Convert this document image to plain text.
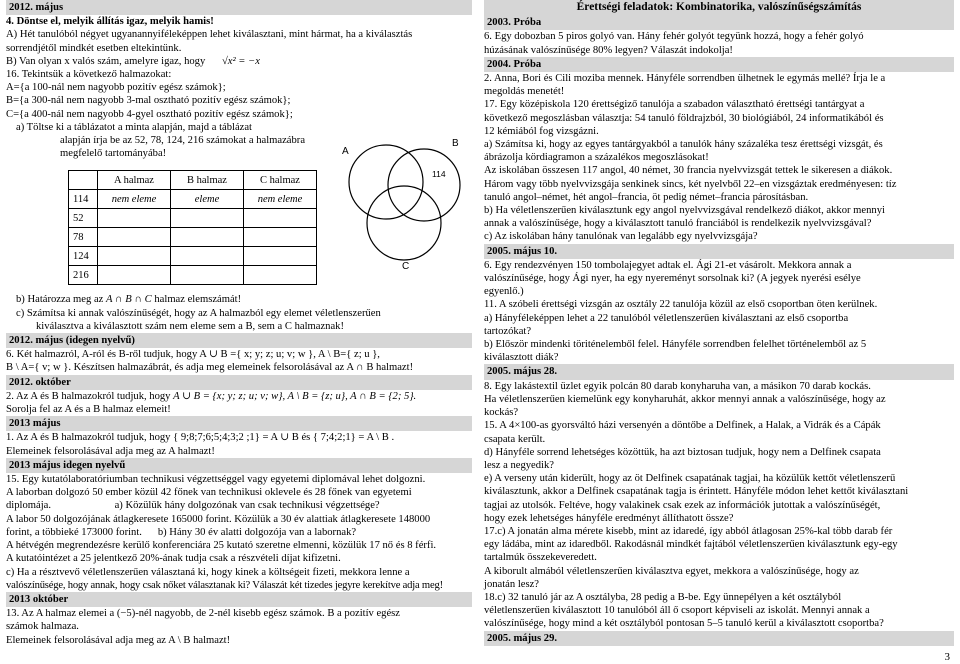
2012. május

4. Döntse el, melyik állítás igaz, melyik hamis!

A) Hét tanulóból négyet ugyanannyiféleképpen lehet kiválasztani, mint hármat, ha a kiválasztás

sorrendjétől mindkét esetben eltekintünk.

B) Van olyan x valós szám, amelyre igaz, hogy √x² = −x

16. Tekintsük a következő halmazokat:

A={a 100-nál nem nagyobb pozitív egész számok};

B={a 300-nál nem nagyobb 3-mal osztható pozitív egész számok};

C={a 400-nál nem nagyobb 4-gyel osztható pozitív egész számok};

a) Töltse ki a táblázatot a minta alapján, majd a táblázat

alapján írja be az 52, 78, 124, 216 számokat a halmazábra

megfelelő tartományába!

	A halmaz	B halmaz	C halmaz
114	nem eleme	eleme	nem eleme
52			
78			
124			
216			

b) Határozza meg az A ∩ B ∩ C halmaz elemszámát!

c) Számítsa ki annak valószínűségét, hogy az A halmazból egy elemet véletlenszerűen

kiválasztva a kiválasztott szám nem eleme sem a B, sem a C halmaznak!

2012. május (idegen nyelvű)

6. Két halmazról, A-ról és B-ről tudjuk, hogy A ∪ B ={ x; y; z; u; v; w }, A \ B={ z; u },

B \ A={ v; w }. Készítsen halmazábrát, és adja meg elemeinek felsorolásával az A ∩ B halmazt!

2012. október

2. Az A és B halmazokról tudjuk, hogy A ∪ B = {x; y; z; u; v; w}, A \ B = {z; u}, A ∩ B = {2; 5}.

Sorolja fel az A és a B halmaz elemeit!

2013 május

1. Az A és B halmazokról tudjuk, hogy { 9;8;7;6;5;4;3;2 ;1} = A ∪ B és { 7;4;2;1} = A \ B .

Elemeinek felsorolásával adja meg az A halmazt!

2013 május idegen nyelvű

15. Egy kutatólaboratóriumban technikusi végzettséggel vagy egyetemi diplomával lehet dolgozni.

A laborban dolgozó 50 ember közül 42 főnek van technikusi oklevele és 28 főnek van egyetemi

diplomája.                        a) Közülük hány dolgozónak van csak technikusi végzettsége?

A labor 50 dolgozójának átlagkeresete 165000 forint. Közülük a 30 év alattiak átlagkeresete 148000

forint, a többieké 173000 forint.      b) Hány 30 év alatti dolgozója van a labornak?

A hétvégén megrendezésre kerülő konferenciára 25 kutató szeretne elmenni, közülük 17 nő és 8 férfi.

A kutatóintézet a 25 jelentkező 20%-ának tudja csak a részvételi díjat kifizetni.

c) Ha a résztvevő véletlenszerűen választaná ki, hogy kinek a költségeit fizeti, mekkora lenne a

valószínűsége, hogy annak, hogy csak nőket választanak ki? Válaszát két tizedes jegyre kerekítve adja meg!

2013 október

13. Az A halmaz elemei a (−5)-nél nagyobb, de 2-nél kisebb egész számok. B a pozitív egész

számok halmaza.

Elemeinek felsorolásával adja meg az A \ B halmazt!

A
B
C
114
Érettségi feladatok: Kombinatorika, valószínűségszámítás
2003. Próba

6. Egy dobozban 5 piros golyó van. Hány fehér golyót tegyünk hozzá, hogy a fehér golyó

húzásának valószínűsége 80% legyen? Válaszát indokolja!

2004. Próba

2. Anna, Bori és Cili moziba mennek. Hányféle sorrendben ülhetnek le egymás mellé? Írja le a

megoldás menetét!

17. Egy középiskola 120 érettségiző tanulója a szabadon választható érettségi tantárgyat a

következő megoszlásban választja: 54 tanuló földrajzból, 30 biológiából, 24 informatikából és

12 kémiából fog vizsgázni.

a) Számítsa ki, hogy az egyes tantárgyakból a tanulók hány százaléka tesz érettségi vizsgát, és

ábrázolja kördiagramon a százalékos megoszlásokat!

Az iskolában összesen 117 angol, 40 német, 30 francia nyelvvizsgát tettek le sikeresen a diákok.

Három vagy több nyelvvizsgája senkinek sincs, két nyelvből 22–en vizsgáztak eredményesen: tíz

tanuló angol–német, hét angol–francia, öt pedig német–francia párosításban.

b) Ha véletlenszerűen kiválasztunk egy angol nyelvvizsgával rendelkező diákot, akkor mennyi

annak a valószínűsége, hogy a kiválasztott tanuló franciából is rendelkezik nyelvvizsgával?

c) Az iskolában hány tanulónak van legalább egy nyelvvizsgája?

2005. május 10.

6. Egy rendezvényen 150 tombolajegyet adtak el. Ági 21-et vásárolt. Mekkora annak a

valószínűsége, hogy Ági nyer, ha egy nyereményt sorsolnak ki? (A jegyek nyerési esélye

egyenlő.)

11. A szóbeli érettségi vizsgán az osztály 22 tanulója közül az első csoportban öten kerülnek.

a) Hányféleképpen lehet a 22 tanulóból véletlenszerűen kiválasztani az első csoportba

tartozókat?

b) Először mindenki töriténelemből felel. Hányféle sorrendben felelhet történelemből az 5

kiválasztott diák?

2005. május 28.

8. Egy lakástextil üzlet egyik polcán 80 darab konyharuha van, a másikon 70 darab kockás.

Ha véletlenszerűen kiemelünk egy konyharuhát, akkor mennyi annak a valószínűsége, hogy az

kockás?

15. A 4×100-as gyorsváltó házi versenyén a döntőbe a Delfinek, a Halak, a Vidrák és a Cápák

csapata került.

d) Hányféle sorrend lehetséges közöttük, ha azt biztosan tudjuk, hogy nem a Delfinek csapata

lesz a negyedik?

e) A verseny után kiderült, hogy az öt Delfinek csapatának tagjai, ha közülük kettőt véletlenszerű

kiválasztunk, akkor a Delfinek csapatának tagja is érintett. Hányféle módon lehet kettőt kiválasztani

tagjai az utolsók. Feltéve, hogy valakinek csak ezek az információk jutottak a valószínűségét,

hogy ezek lehetséges hányféle eredményt állíthatott össze?

17.c) A jonatán alma mérete kisebb, mint az idaredé, így abból átlagosan 25%-kal több darab fér

egy ládába, mint az idaredből. Rakodásnál mindkét fajtából véletlenszerűen kiválasztunk egy-egy

tartalmúk összekeveredett.

A kiborult almából véletlenszerűen kiválasztva egyet, mekkora a valószínűsége, hogy az

jonatán lesz?

18.c) 32 tanuló jár az A osztályba, 28 pedig a B-be. Egy ünnepélyen a két osztályból

véletlenszerűen kiválasztott 10 tanulóból áll ő csoport képviseli az iskolát. Mennyi annak a

valószínűsége, hogy mind a két osztályból pontosan 5–5 tanuló kerül a kiválasztott csoportba?

2005. május 29.
3
